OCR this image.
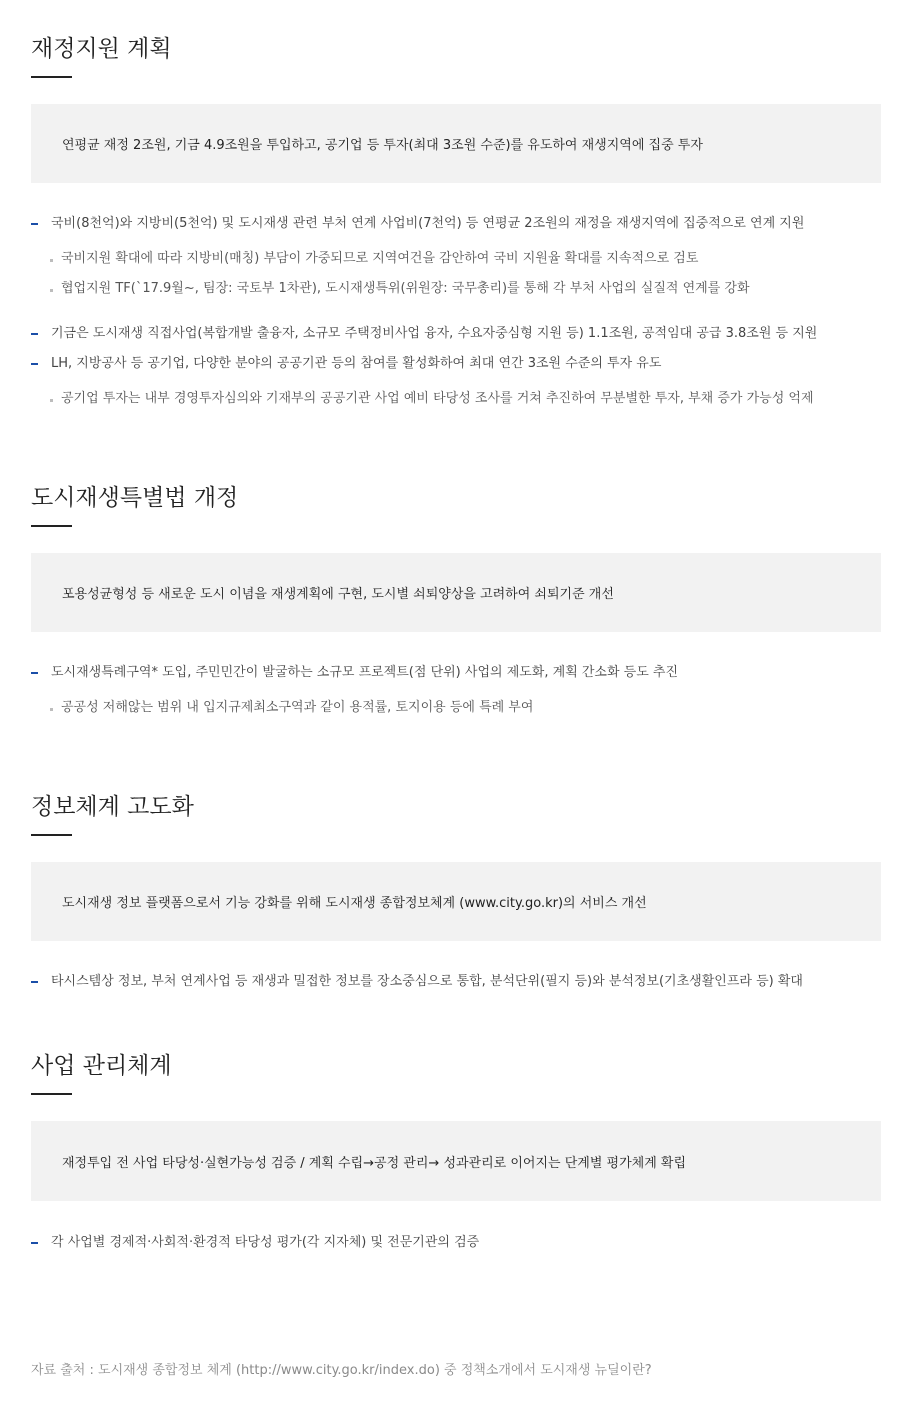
재정지원 계획
연평균 재정 2조원, 기금 4.9조원을 투입하고, 공기업 등 투자(최대 3조원 수준)를 유도하여 재생지역에 집중 투자
국비(8천억)와 지방비(5천억) 및 도시재생 관련 부처 연계 사업비(7천억) 등 연평균 2조원의 재정을 재생지역에 집중적으로 연계 지원
국비지원 확대에 따라 지방비(매칭) 부담이 가중되므로 지역여건을 감안하여 국비 지원율 확대를 지속적으로 검토
협업지원 TF(`17.9월~, 팀장: 국토부 1차관), 도시재생특위(위원장: 국무총리)를 통해 각 부처 사업의 실질적 연계를 강화
기금은 도시재생 직접사업(복합개발 출융자, 소규모 주택정비사업 융자, 수요자중심형 지원 등) 1.1조원, 공적임대 공급 3.8조원 등 지원
LH, 지방공사 등 공기업, 다양한 분야의 공공기관 등의 참여를 활성화하여 최대 연간 3조원 수준의 투자 유도
공기업 투자는 내부 경영투자심의와 기재부의 공공기관 사업 예비 타당성 조사를 거쳐 추진하여 무분별한 투자, 부채 증가 가능성 억제
도시재생특별법 개정
포용성균형성 등 새로운 도시 이념을 재생계획에 구현, 도시별 쇠퇴양상을 고려하여 쇠퇴기준 개선
도시재생특례구역* 도입, 주민민간이 발굴하는 소규모 프로젝트(점 단위) 사업의 제도화, 계획 간소화 등도 추진
공공성 저해않는 범위 내 입지규제최소구역과 같이 용적률, 토지이용 등에 특례 부여
정보체계 고도화
도시재생 정보 플랫폼으로서 기능 강화를 위해 도시재생 종합정보체계 (www.city.go.kr)의 서비스 개선
타시스템상 정보, 부처 연계사업 등 재생과 밀접한 정보를 장소중심으로 통합, 분석단위(필지 등)와 분석정보(기초생활인프라 등) 확대
사업 관리체계
재정투입 전 사업 타당성·실현가능성 검증 / 계획 수립→공정 관리→ 성과관리로 이어지는 단계별 평가체계 확립
각 사업별 경제적·사회적·환경적 타당성 평가(각 지자체) 및 전문기관의 검증

자료 출처 : 도시재생 종합정보 체계 (http://www.city.go.kr/index.do) 중 정책소개에서 도시재생 뉴딜이란?
